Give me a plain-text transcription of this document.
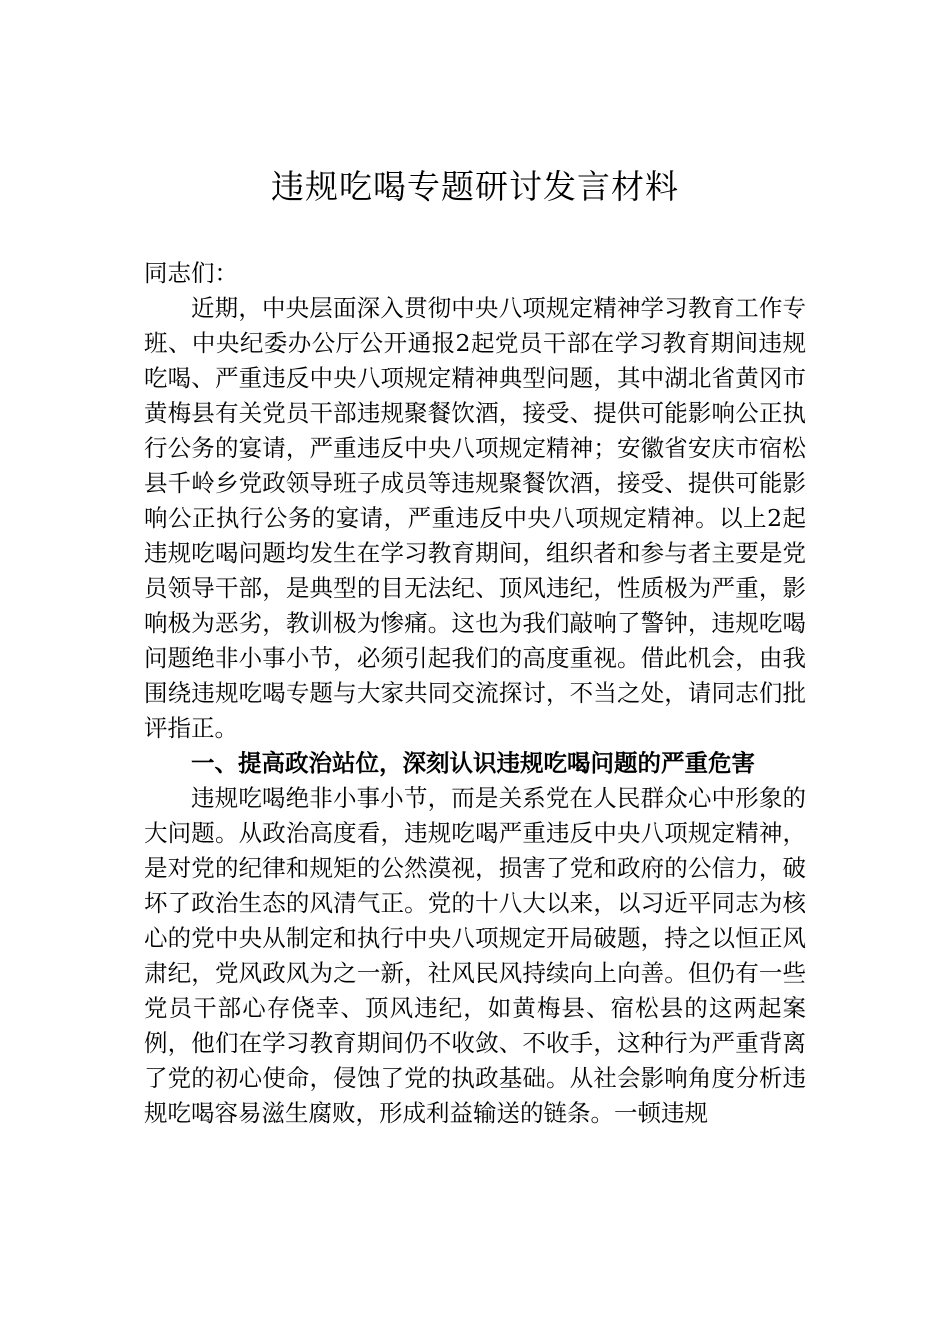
违规吃喝专题研讨发言材料

同志们：

近期，中央层面深入贯彻中央八项规定精神学习教育工作专班、中央纪委办公厅公开通报2起党员干部在学习教育期间违规吃喝、严重违反中央八项规定精神典型问题，其中湖北省黄冈市黄梅县有关党员干部违规聚餐饮酒，接受、提供可能影响公正执行公务的宴请，严重违反中央八项规定精神；安徽省安庆市宿松县千岭乡党政领导班子成员等违规聚餐饮酒，接受、提供可能影响公正执行公务的宴请，严重违反中央八项规定精神。以上2起违规吃喝问题均发生在学习教育期间，组织者和参与者主要是党员领导干部，是典型的目无法纪、顶风违纪，性质极为严重，影响极为恶劣，教训极为惨痛。这也为我们敲响了警钟，违规吃喝问题绝非小事小节，必须引起我们的高度重视。借此机会，由我围绕违规吃喝专题与大家共同交流探讨，不当之处，请同志们批评指正。

一、提高政治站位，深刻认识违规吃喝问题的严重危害

违规吃喝绝非小事小节，而是关系党在人民群众心中形象的大问题。从政治高度看，违规吃喝严重违反中央八项规定精神，是对党的纪律和规矩的公然漠视，损害了党和政府的公信力，破坏了政治生态的风清气正。党的十八大以来，以习近平同志为核心的党中央从制定和执行中央八项规定开局破题，持之以恒正风肃纪，党风政风为之一新，社风民风持续向上向善。但仍有一些党员干部心存侥幸、顶风违纪，如黄梅县、宿松县的这两起案例，他们在学习教育期间仍不收敛、不收手，这种行为严重背离了党的初心使命，侵蚀了党的执政基础。从社会影响角度分析违规吃喝容易滋生腐败，形成利益输送的链条。一顿违规
